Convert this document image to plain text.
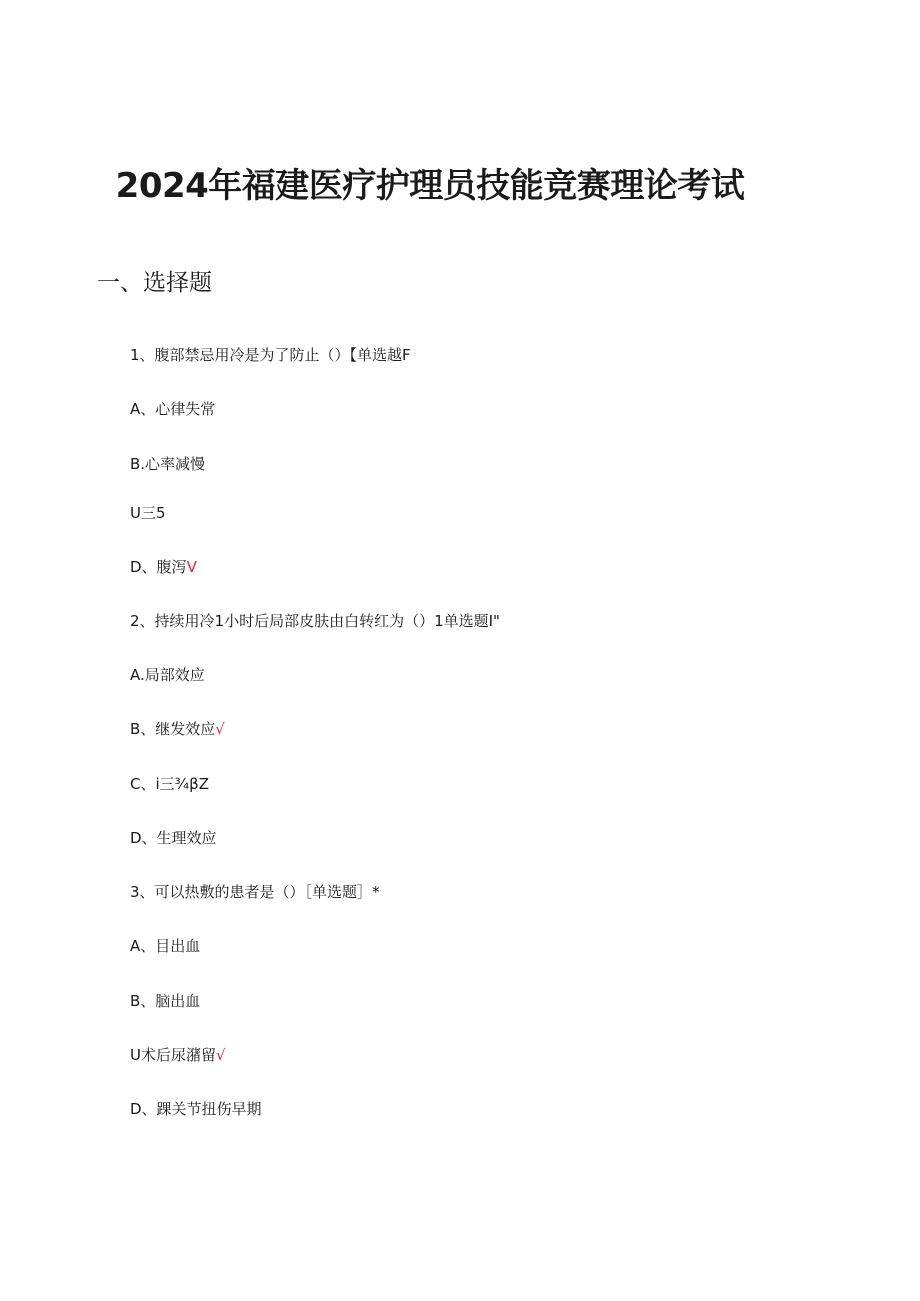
2024年福建医疗护理员技能竞赛理论考试
一、选择题
1、腹部禁忌用冷是为了防止（）【单选越F
A、心律失常
B.心率减慢
U三5
D、腹泻V
2、持续用冷1小时后局部皮肤由白转红为（）1单选题I"
A.局部效应
B、继发效应√
C、i三¾βZ
D、生理效应
3、可以热敷的患者是（）［单选题］*
A、目出血
B、脑出血
U术后尿潴留√
D、踝关节扭伤早期
